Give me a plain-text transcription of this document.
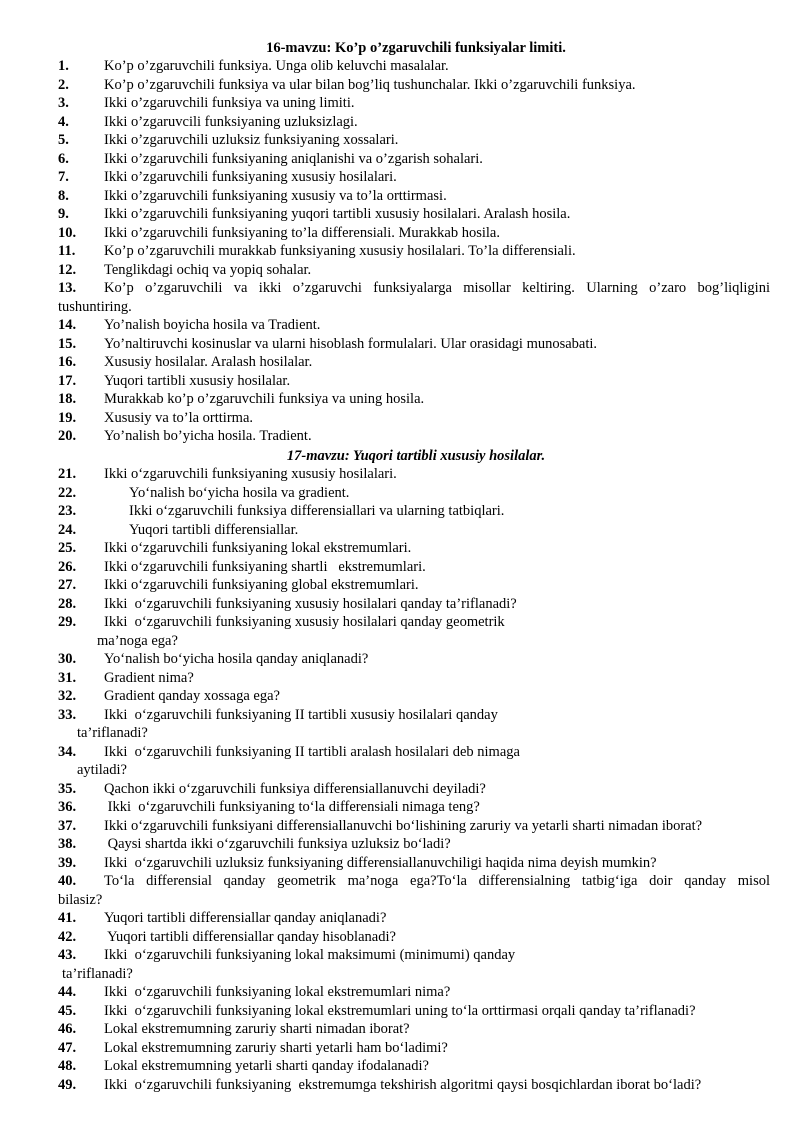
16-mavzu: Ko’p o’zgaruvchili funksiyalar limiti.
1.	Ko’p o’zgaruvchili funksiya. Unga olib keluvchi masalalar.
2.	Ko’p o’zgaruvchili funksiya va ular bilan bog’liq tushunchalar. Ikki o’zgaruvchili funksiya.
3.	Ikki o’zgaruvchili funksiya va uning limiti.
4.	Ikki o’zgaruvcili funksiyaning uzluksizlagi.
5.	Ikki o’zgaruvchili uzluksiz funksiyaning xossalari.
6.	Ikki o’zgaruvchili funksiyaning aniqlanishi va o’zgarish sohalari.
7.	Ikki o’zgaruvchili funksiyaning xususiy hosilalari.
8.	Ikki o’zgaruvchili funksiyaning xususiy va to’la orttirmasi.
9.	Ikki o’zgaruvchili funksiyaning yuqori tartibli xususiy hosilalari. Aralash hosila.
10.	Ikki o’zgaruvchili funksiyaning to’la differensiali. Murakkab hosila.
11.	Ko’p o’zgaruvchili murakkab funksiyaning xususiy hosilalari. To’la differensiali.
12.	Tenglikdagi ochiq va yopiq sohalar.
13.	Ko’p o’zgaruvchili va ikki o’zgaruvchi funksiyalarga misollar keltiring. Ularning o’zaro bog’liqligini
tushuntiring.
14.	Yo’nalish boyicha hosila va Tradient.
15.	Yo’naltiruvchi kosinuslar va ularni hisoblash formulalari. Ular orasidagi munosabati.
16.	Xususiy hosilalar. Aralash hosilalar.
17.	Yuqori tartibli xususiy hosilalar.
18.	Murakkab ko’p o’zgaruvchili funksiya va uning hosila.
19.	Xususiy va to’la orttirma.
20.	Yo’nalish bo’yicha hosila. Tradient.
17-mavzu: Yuqori tartibli xususiy hosilalar.
21.	Ikki o‘zgaruvchili funksiyaning xususiy hosilalari.
22.	Yo‘nalish bo‘yicha hosila va gradient.
23.	Ikki o‘zgaruvchili funksiya differensiallari va ularning tatbiqlari.
24.	Yuqori tartibli differensiallar.
25.	Ikki o‘zgaruvchili funksiyaning lokal ekstremumlari.
26.	Ikki o‘zgaruvchili funksiyaning shartli   ekstremumlari.
27.	Ikki o‘zgaruvchili funksiyaning global ekstremumlari.
28.	Ikki  o‘zgaruvchili funksiyaning xususiy hosilalari qanday ta’riflanadi?
29.	Ikki  o‘zgaruvchili funksiyaning xususiy hosilalari qanday geometrik
ma’noga ega?
30.	Yo‘nalish bo‘yicha hosila qanday aniqlanadi?
31.	Gradient nima?
32.	Gradient qanday xossaga ega?
33.	Ikki  o‘zgaruvchili funksiyaning II tartibli xususiy hosilalari qanday
ta’riflanadi?
34.	Ikki  o‘zgaruvchili funksiyaning II tartibli aralash hosilalari deb nimaga
aytiladi?
35.	Qachon ikki o‘zgaruvchili funksiya differensiallanuvchi deyiladi?
36.	Ikki  o‘zgaruvchili funksiyaning to‘la differensiali nimaga teng?
37.	Ikki o‘zgaruvchili funksiyani differensiallanuvchi bo‘lishining zaruriy va yetarli sharti nimadan iborat?
38.	Qaysi shartda ikki o‘zgaruvchili funksiya uzluksiz bo‘ladi?
39.	Ikki  o‘zgaruvchili uzluksiz funksiyaning differensiallanuvchiligi haqida nima deyish mumkin?
40.	To‘la differensial qanday geometrik ma’noga ega?To‘la differensialning tatbig‘iga doir qanday misol
bilasiz?
41.	Yuqori tartibli differensiallar qanday aniqlanadi?
42.	Yuqori tartibli differensiallar qanday hisoblanadi?
43.	Ikki  o‘zgaruvchili funksiyaning lokal maksimumi (minimumi) qanday
ta’riflanadi?
44.	Ikki  o‘zgaruvchili funksiyaning lokal ekstremumlari nima?
45.	Ikki  o‘zgaruvchili funksiyaning lokal ekstremumlari uning to‘la orttirmasi orqali qanday ta’riflanadi?
46.	Lokal ekstremumning zaruriy sharti nimadan iborat?
47.	Lokal ekstremumning zaruriy sharti yetarli ham bo‘ladimi?
48.	Lokal ekstremumning yetarli sharti qanday ifodalanadi?
49.	Ikki  o‘zgaruvchili funksiyaning  ekstremumga tekshirish algoritmi qaysi bosqichlardan iborat bo‘ladi?
